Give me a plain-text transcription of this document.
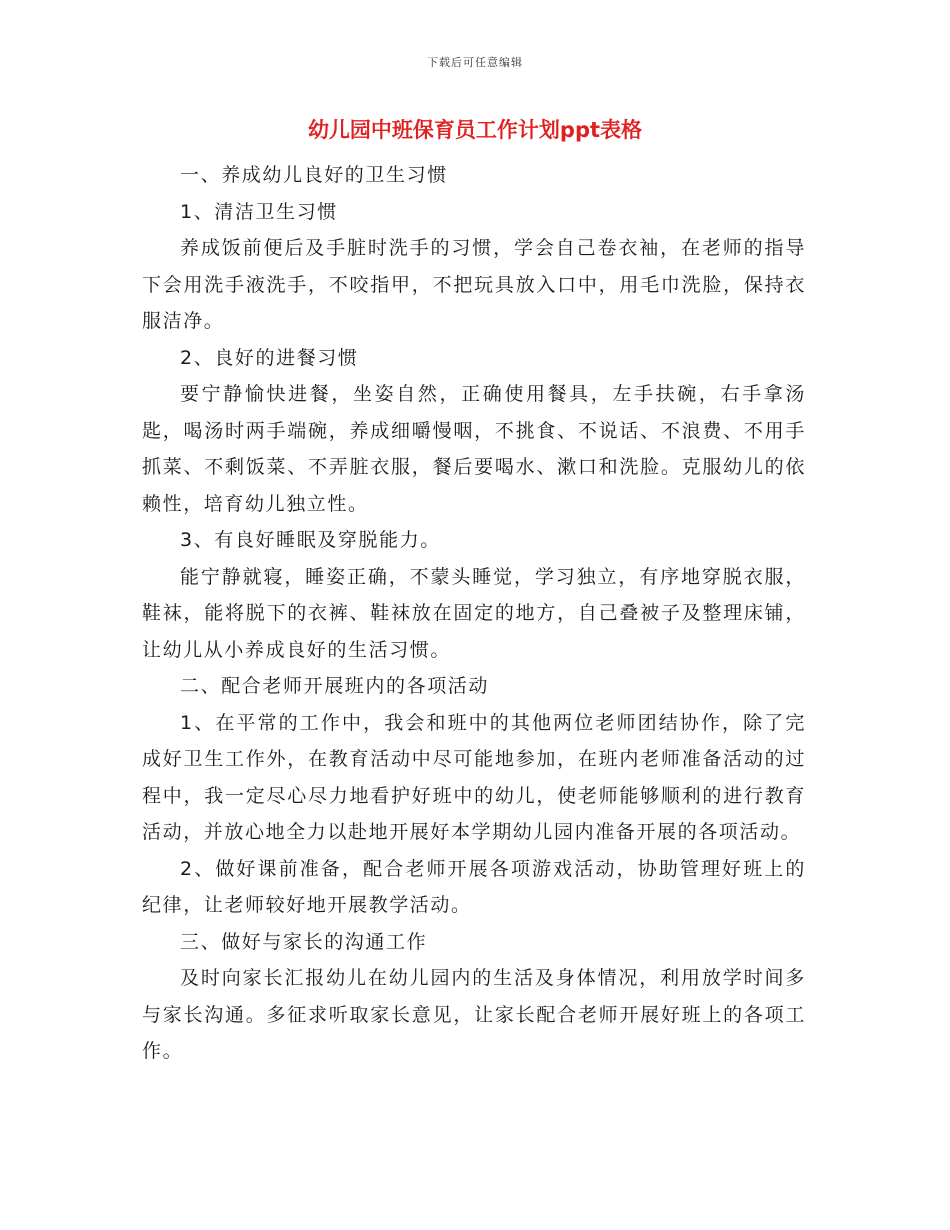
下载后可任意编辑
幼儿园中班保育员工作计划ppt表格

一、养成幼儿良好的卫生习惯

1、清洁卫生习惯

养成饭前便后及手脏时洗手的习惯，学会自己卷衣袖，在老师的指导下会用洗手液洗手，不咬指甲，不把玩具放入口中，用毛巾洗脸，保持衣服洁净。

2、良好的进餐习惯

要宁静愉快进餐，坐姿自然，正确使用餐具，左手扶碗，右手拿汤匙，喝汤时两手端碗，养成细嚼慢咽，不挑食、不说话、不浪费、不用手抓菜、不剩饭菜、不弄脏衣服，餐后要喝水、漱口和洗脸。克服幼儿的依赖性，培育幼儿独立性。

3、有良好睡眠及穿脱能力。

能宁静就寝，睡姿正确，不蒙头睡觉，学习独立，有序地穿脱衣服，鞋袜，能将脱下的衣裤、鞋袜放在固定的地方，自己叠被子及整理床铺，让幼儿从小养成良好的生活习惯。

二、配合老师开展班内的各项活动

1、在平常的工作中，我会和班中的其他两位老师团结协作，除了完成好卫生工作外，在教育活动中尽可能地参加，在班内老师准备活动的过程中，我一定尽心尽力地看护好班中的幼儿，使老师能够顺利的进行教育活动，并放心地全力以赴地开展好本学期幼儿园内准备开展的各项活动。

2、做好课前准备，配合老师开展各项游戏活动，协助管理好班上的纪律，让老师较好地开展教学活动。

三、做好与家长的沟通工作

及时向家长汇报幼儿在幼儿园内的生活及身体情况，利用放学时间多与家长沟通。多征求听取家长意见，让家长配合老师开展好班上的各项工作。
